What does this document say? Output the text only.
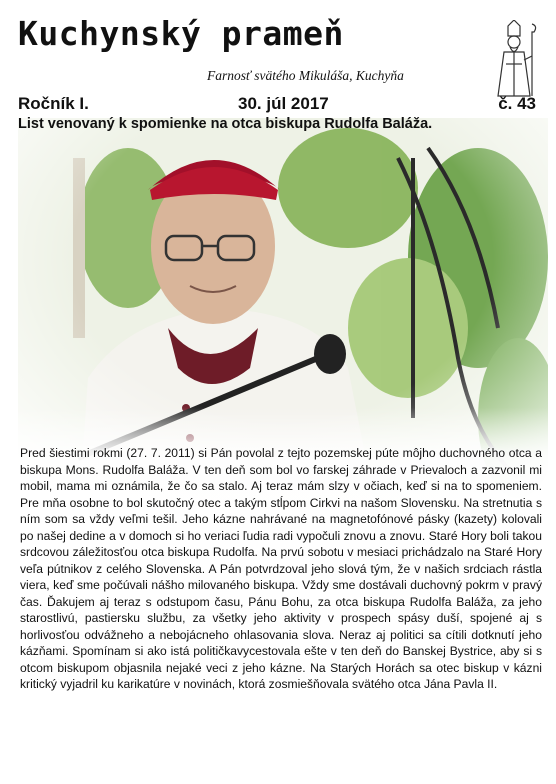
Kuchynský prameň
Farnosť svätého Mikuláša, Kuchyňa
Ročník I.	30. júl 2017	č. 43
List venovaný k spomienke na otca biskupa Rudolfa Baláža.

Pred šiestimi rokmi (27. 7. 2011) si Pán povolal z tejto pozemskej púte môjho duchovného otca a biskupa Mons. Rudolfa Baláža. V ten deň som bol vo farskej záhrade v Prievaloch a zazvonil mi mobil, mama mi oznámila, že čo sa stalo. Aj teraz mám slzy v očiach, keď si na to spomeniem. Pre mňa osobne to bol skutočný otec a takým stĺpom Cirkvi na našom Slovensku. Na stretnutia s ním som sa vždy veľmi tešil. Jeho kázne nahrávané na magnetofónové pásky (kazety) kolovali po našej dedine a v domoch si ho veriaci ľudia radi vypočuli znovu a znovu. Staré Hory boli takou srdcovou záležitosťou otca biskupa Rudolfa. Na prvú sobotu v mesiaci prichádzalo na Staré Hory veľa pútnikov z celého Slovenska. A Pán potvrdzoval jeho slová tým, že v našich srdciach rástla viera, keď sme počúvali nášho milovaného biskupa. Vždy sme dostávali duchovný pokrm v pravý čas. Ďakujem aj teraz s odstupom času, Pánu Bohu, za otca biskupa Rudolfa Baláža, za jeho starostlivú, pastiersku službu, za všetky jeho aktivity v prospech spásy duší, spojené aj s horlivosťou odvážneho a nebojácneho ohlasovania slova. Neraz aj politici sa cítili dotknutí jeho kázňami. Spomínam si ako istá političkavycestovala ešte v ten deň do Banskej Bystrice, aby si s otcom biskupom objasnila nejaké veci z jeho kázne. Na Starých Horách sa otec biskup v kázni kritický vyjadril ku karikatúre v novinách, ktorá zosmiešňovala svätého otca Jána Pavla II.
